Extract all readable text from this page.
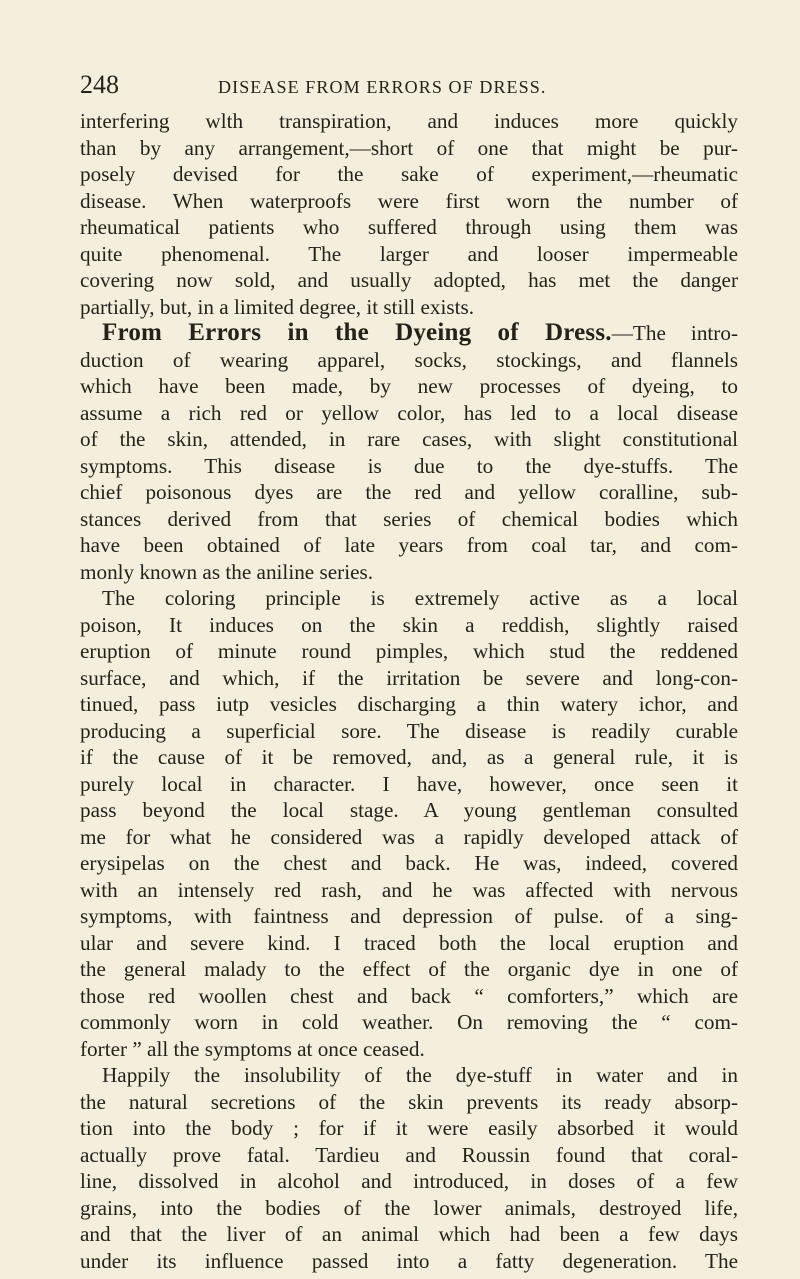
248	DISEASE FROM ERRORS OF DRESS.
interfering wlth transpiration, and induces more quickly
than by any arrangement,—short of one that might be pur-
posely devised for the sake of experiment,—rheumatic
disease. When waterproofs were first worn the number of
rheumatical patients who suffered through using them was
quite phenomenal. The larger and looser impermeable
covering now sold, and usually adopted, has met the danger
partially, but, in a limited degree, it still exists.
From Errors in the Dyeing of Dress.—The intro-
duction of wearing apparel, socks, stockings, and flannels
which have been made, by new processes of dyeing, to
assume a rich red or yellow color, has led to a local disease
of the skin, attended, in rare cases, with slight constitutional
symptoms. This disease is due to the dye-stuffs. The
chief poisonous dyes are the red and yellow coralline, sub-
stances derived from that series of chemical bodies which
have been obtained of late years from coal tar, and com-
monly known as the aniline series.
The coloring principle is extremely active as a local
poison, It induces on the skin a reddish, slightly raised
eruption of minute round pimples, which stud the reddened
surface, and which, if the irritation be severe and long-con-
tinued, pass iutp vesicles discharging a thin watery ichor, and
producing a superficial sore. The disease is readily curable
if the cause of it be removed, and, as a general rule, it is
purely local in character. I have, however, once seen it
pass beyond the local stage. A young gentleman consulted
me for what he considered was a rapidly developed attack of
erysipelas on the chest and back. He was, indeed, covered
with an intensely red rash, and he was affected with nervous
symptoms, with faintness and depression of pulse. of a sing-
ular and severe kind. I traced both the local eruption and
the general malady to the effect of the organic dye in one of
those red woollen chest and back “ comforters,” which are
commonly worn in cold weather. On removing the “ com-
forter ” all the symptoms at once ceased.
Happily the insolubility of the dye-stuff in water and in
the natural secretions of the skin prevents its ready absorp-
tion into the body ; for if it were easily absorbed it would
actually prove fatal. Tardieu and Roussin found that coral-
line, dissolved in alcohol and introduced, in doses of a few
grains, into the bodies of the lower animals, destroyed life,
and that the liver of an animal which had been a few days
under its influence passed into a fatty degeneration. The
